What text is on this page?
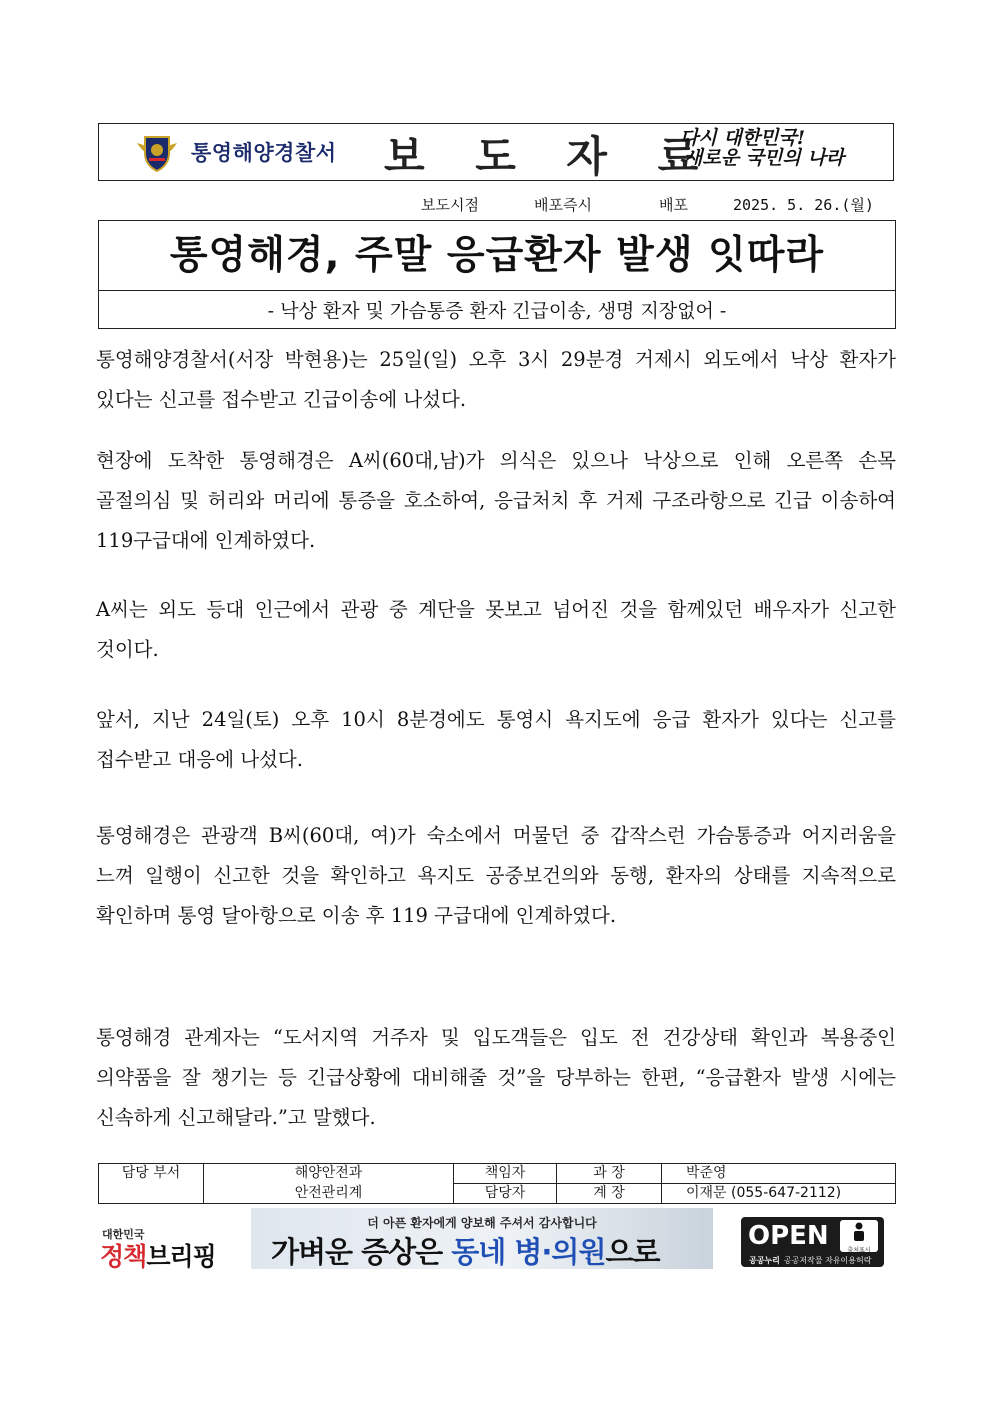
통영해양경찰서 보 도 자 료
다시 대한민국!
새로운 국민의 나라
보도시점	배포즉시	배포	2025. 5. 26.(월)
통영해경, 주말 응급환자 발생 잇따라
- 낙상 환자 및 가슴통증 환자 긴급이송, 생명 지장없어 -
통영해양경찰서(서장 박현용)는 25일(일) 오후 3시 29분경 거제시 외도에서 낙상 환자가 있다는 신고를 접수받고 긴급이송에 나섰다.
현장에 도착한 통영해경은 A씨(60대,남)가 의식은 있으나 낙상으로 인해 오른쪽 손목 골절의심 및 허리와 머리에 통증을 호소하여, 응급처치 후 거제 구조라항으로 긴급 이송하여 119구급대에 인계하였다.
A씨는 외도 등대 인근에서 관광 중 계단을 못보고 넘어진 것을 함께있던 배우자가 신고한 것이다.
앞서, 지난 24일(토) 오후 10시 8분경에도 통영시 욕지도에 응급 환자가 있다는 신고를 접수받고 대응에 나섰다.
통영해경은 관광객 B씨(60대, 여)가 숙소에서 머물던 중 갑작스런 가슴통증과 어지러움을 느껴 일행이 신고한 것을 확인하고 욕지도 공중보건의와 동행, 환자의 상태를 지속적으로 확인하며 통영 달아항으로 이송 후 119 구급대에 인계하였다.
통영해경 관계자는 “도서지역 거주자 및 입도객들은 입도 전 건강상태 확인과 복용중인 의약품을 잘 챙기는 등 긴급상황에 대비해줄 것”을 당부하는 한편, “응급환자 발생 시에는 신속하게 신고해달라.”고 말했다.
담당 부서	해양안전과	책임자	과 장	박준영
	안전관리계	담당자	계 장	이재문 (055-647-2112)
대한민국
정책브리핑
더 아픈 환자에게 양보해 주셔서 감사합니다
가벼운 증상은 동네 병·의원으로	OPEN
공공누리 공공저작물 자유이용허락
출처표시
